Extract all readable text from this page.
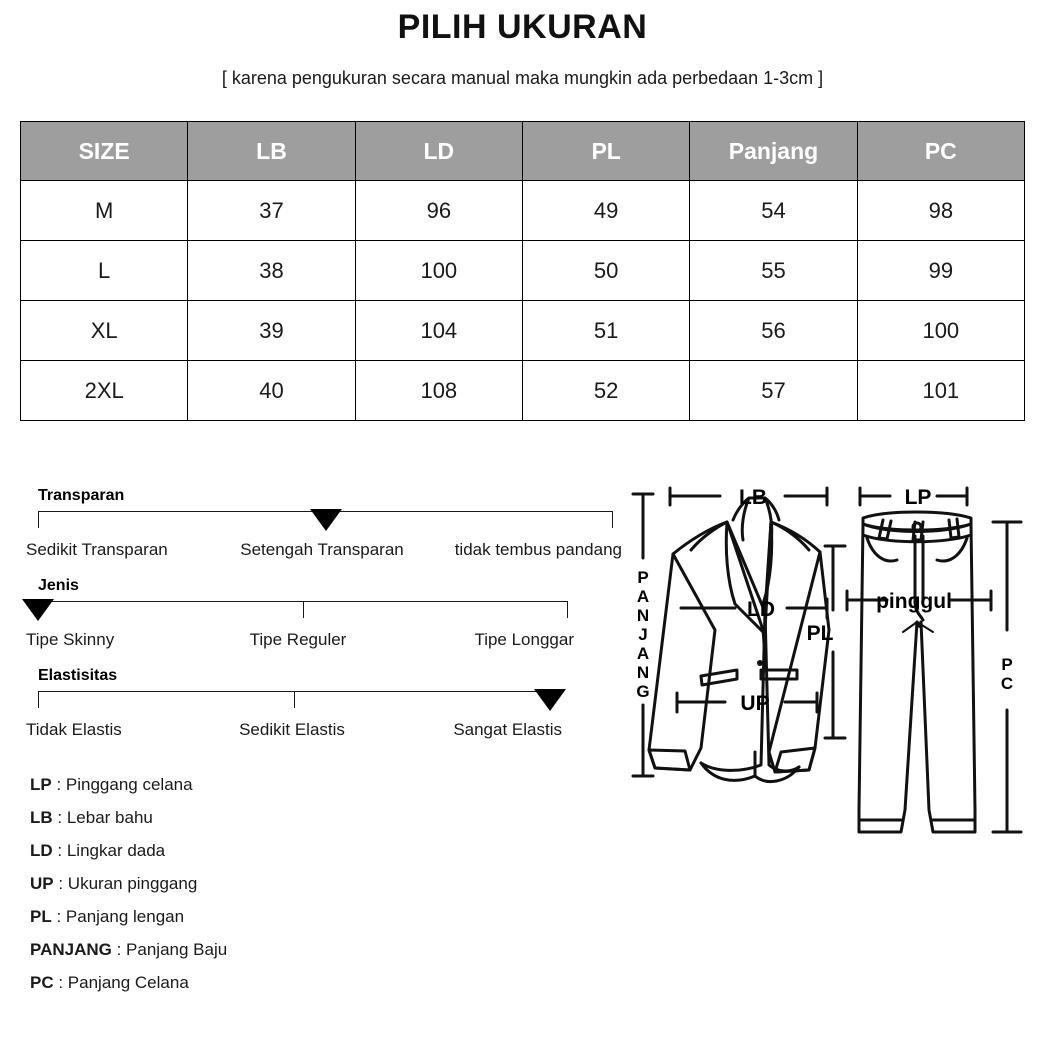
PILIH UKURAN
[ karena pengukuran secara manual maka mungkin ada perbedaan 1-3cm ]
SIZE	LB	LD	PL	Panjang	PC
M	37	96	49	54	98
L	38	100	50	55	99
XL	39	104	51	56	100
2XL	40	108	52	57	101
Transparan
Sedikit Transparan	Setengah Transparan	tidak tembus pandang
Jenis
Tipe Skinny	Tipe Reguler	Tipe Longgar
Elastisitas
Tidak Elastis	Sedikit Elastis	Sangat Elastis
LP : Pinggang celana
LB : Lebar bahu
LD : Lingkar dada
UP : Ukuran pinggang
PL : Panjang lengan
PANJANG : Panjang Baju
PC : Panjang Celana
P
A
N
J
A
N
G
P
C
LB
LD
PL
UP
pinggul
LP
